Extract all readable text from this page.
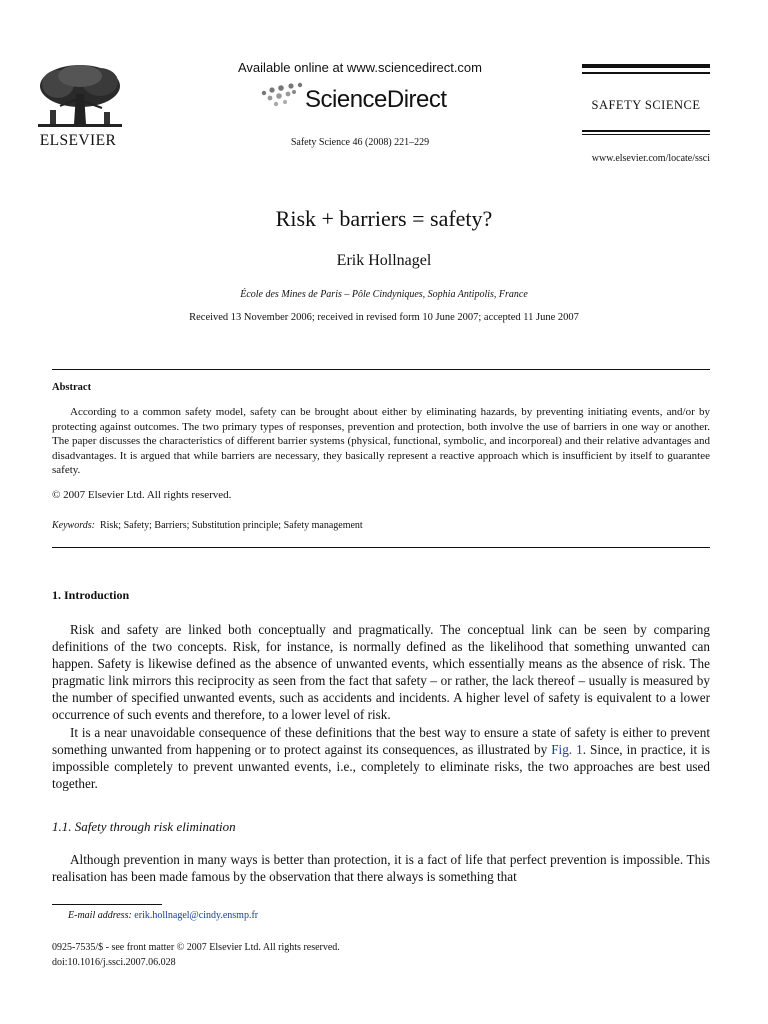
ELSEVIER
Available online at www.sciencedirect.com
ScienceDirect
Safety Science 46 (2008) 221–229
SAFETY SCIENCE
www.elsevier.com/locate/ssci
Risk + barriers = safety?
Erik Hollnagel
École des Mines de Paris – Pôle Cindyniques, Sophia Antipolis, France
Received 13 November 2006; received in revised form 10 June 2007; accepted 11 June 2007
Abstract

According to a common safety model, safety can be brought about either by eliminating hazards, by preventing initiating events, and/or by protecting against outcomes. The two primary types of responses, prevention and protection, both involve the use of barriers in one way or another. The paper discusses the characteristics of different barrier systems (physical, functional, symbolic, and incorporeal) and their relative advantages and disadvantages. It is argued that while barriers are necessary, they basically represent a reactive approach which is insufficient by itself to guarantee safety.

© 2007 Elsevier Ltd. All rights reserved.
Keywords: Risk; Safety; Barriers; Substitution principle; Safety management
1. Introduction

Risk and safety are linked both conceptually and pragmatically. The conceptual link can be seen by comparing definitions of the two concepts. Risk, for instance, is normally defined as the likelihood that something unwanted can happen. Safety is likewise defined as the absence of unwanted events, which essentially means as the absence of risk. The pragmatic link mirrors this reciprocity as seen from the fact that safety – or rather, the lack thereof – usually is measured by the number of specified unwanted events, such as accidents and incidents. A higher level of safety is equivalent to a lower occurrence of such events and therefore, to a lower level of risk.

It is a near unavoidable consequence of these definitions that the best way to ensure a state of safety is either to prevent something unwanted from happening or to protect against its consequences, as illustrated by Fig. 1. Since, in practice, it is impossible completely to prevent unwanted events, i.e., completely to eliminate risks, the two approaches are best used together.

1.1. Safety through risk elimination

Although prevention in many ways is better than protection, it is a fact of life that perfect prevention is impossible. This realisation has been made famous by the observation that there always is something that

E-mail address: erik.hollnagel@cindy.ensmp.fr
0925-7535/$ - see front matter © 2007 Elsevier Ltd. All rights reserved.
doi:10.1016/j.ssci.2007.06.028
